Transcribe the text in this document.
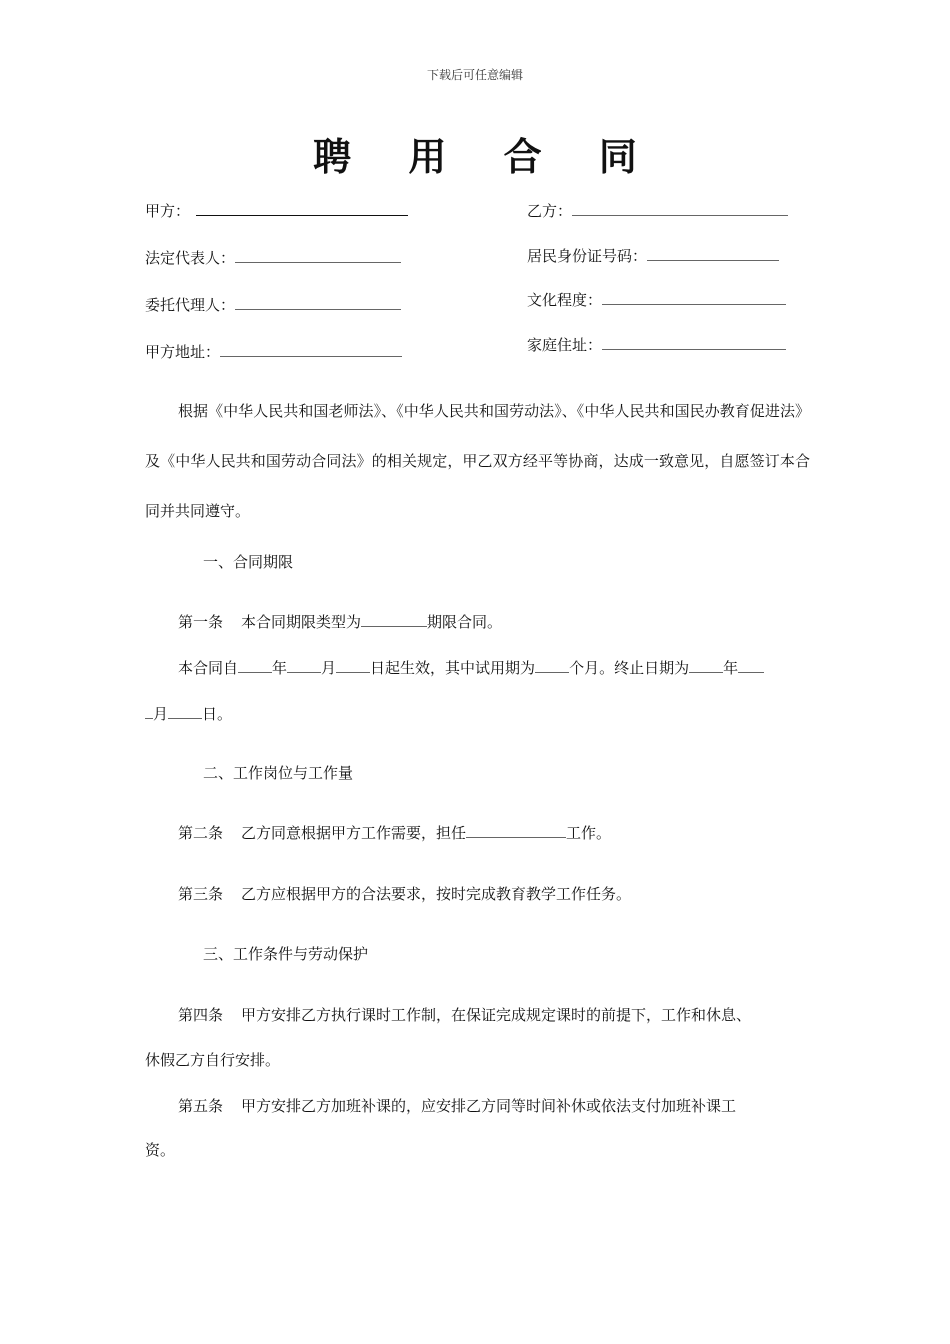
下载后可任意编辑
聘 用 合 同
甲方：
法定代表人：
委托代理人：
甲方地址：
乙方：
居民身份证号码：
文化程度：
家庭住址：
根据《中华人民共和国老师法》、《中华人民共和国劳动法》、《中华人民共和国民办教育促进法》及《中华人民共和国劳动合同法》的相关规定，甲乙双方经平等协商，达成一致意见，自愿签订本合同并共同遵守。
一、合同期限
第一条 本合同期限类型为	期限合同。
本合同自 年 月 日起生效，其中试用期为 个月。终止日期为 年
月 日。
二、工作岗位与工作量
第二条 乙方同意根据甲方工作需要，担任	工作。
第三条 乙方应根据甲方的合法要求，按时完成教育教学工作任务。
三、工作条件与劳动保护
第四条 甲方安排乙方执行课时工作制，在保证完成规定课时的前提下，工作和休息、
休假乙方自行安排。
第五条 甲方安排乙方加班补课的，应安排乙方同等时间补休或依法支付加班补课工
资。
